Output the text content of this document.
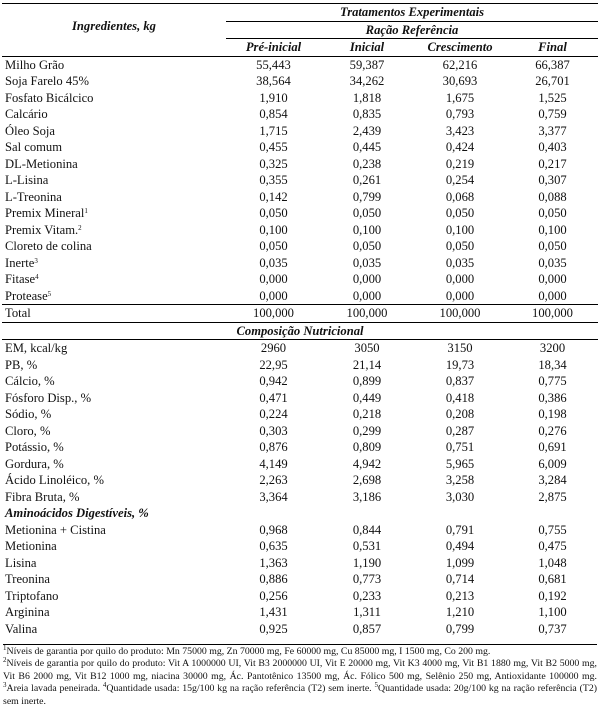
Ingredientes, kg	Tratamentos Experimentais			
	Ração Referência			
	Pré-inicial	Inicial	Crescimento	Final
Milho Grão	55,443	59,387	62,216	66,387
Soja Farelo 45%	38,564	34,262	30,693	26,701
Fosfato Bicálcico	1,910	1,818	1,675	1,525
Calcário	0,854	0,835	0,793	0,759
Óleo Soja	1,715	2,439	3,423	3,377
Sal comum	0,455	0,445	0,424	0,403
DL-Metionina	0,325	0,238	0,219	0,217
L-Lisina	0,355	0,261	0,254	0,307
L-Treonina	0,142	0,799	0,068	0,088
Premix Mineral$^1$	0,050	0,050	0,050	0,050
Premix Vitam.$^2$	0,100	0,100	0,100	0,100
Cloreto de colina	0,050	0,050	0,050	0,050
Inerte$^3$	0,035	0,035	0,035	0,035
Fitase$^4$	0,000	0,000	0,000	0,000
Protease$^5$	0,000	0,000	0,000	0,000
Total	100,000	100,000	100,000	100,000
Composição Nutricional				
EM, kcal/kg	2960	3050	3150	3200
PB, %	22,95	21,14	19,73	18,34
Cálcio, %	0,942	0,899	0,837	0,775
Fósforo Disp., %	0,471	0,449	0,418	0,386
Sódio, %	0,224	0,218	0,208	0,198
Cloro, %	0,303	0,299	0,287	0,276
Potássio, %	0,876	0,809	0,751	0,691
Gordura, %	4,149	4,942	5,965	6,009
Ácido Linoléico, %	2,263	2,698	3,258	3,284
Fibra Bruta, %	3,364	3,186	3,030	2,875
Aminoácidos Digestíveis, %				
Metionina + Cistina	0,968	0,844	0,791	0,755
Metionina	0,635	0,531	0,494	0,475
Lisina	1,363	1,190	1,099	1,048
Treonina	0,886	0,773	0,714	0,681
Triptofano	0,256	0,233	0,213	0,192
Arginina	1,431	1,311	1,210	1,100
Valina	0,925	0,857	0,799	0,737

$^1$Níveis de garantia por quilo do produto: Mn 75000 mg, Zn 70000 mg, Fe 60000 mg, Cu 85000 mg, I 1500 mg, Co 200 mg.

$^2$Níveis de garantia por quilo do produto: Vit A 1000000 UI, Vit B3 2000000 UI, Vit E 20000 mg, Vit K3 4000 mg, Vit B1 1880 mg, Vit B2 5000 mg, Vit B6 2000 mg, Vit B12 1000 mg, niacina 30000 mg, Ác. Pantotênico 13500 mg, Ác. Fólico 500 mg, Selênio 250 mg, Antioxidante 100000 mg. $^3$Areia lavada peneirada. $^4$Quantidade usada: 15g/100 kg na ração referência (T2) sem inerte. $^5$Quantidade usada: 20g/100 kg na ração referência (T2) sem inerte.
